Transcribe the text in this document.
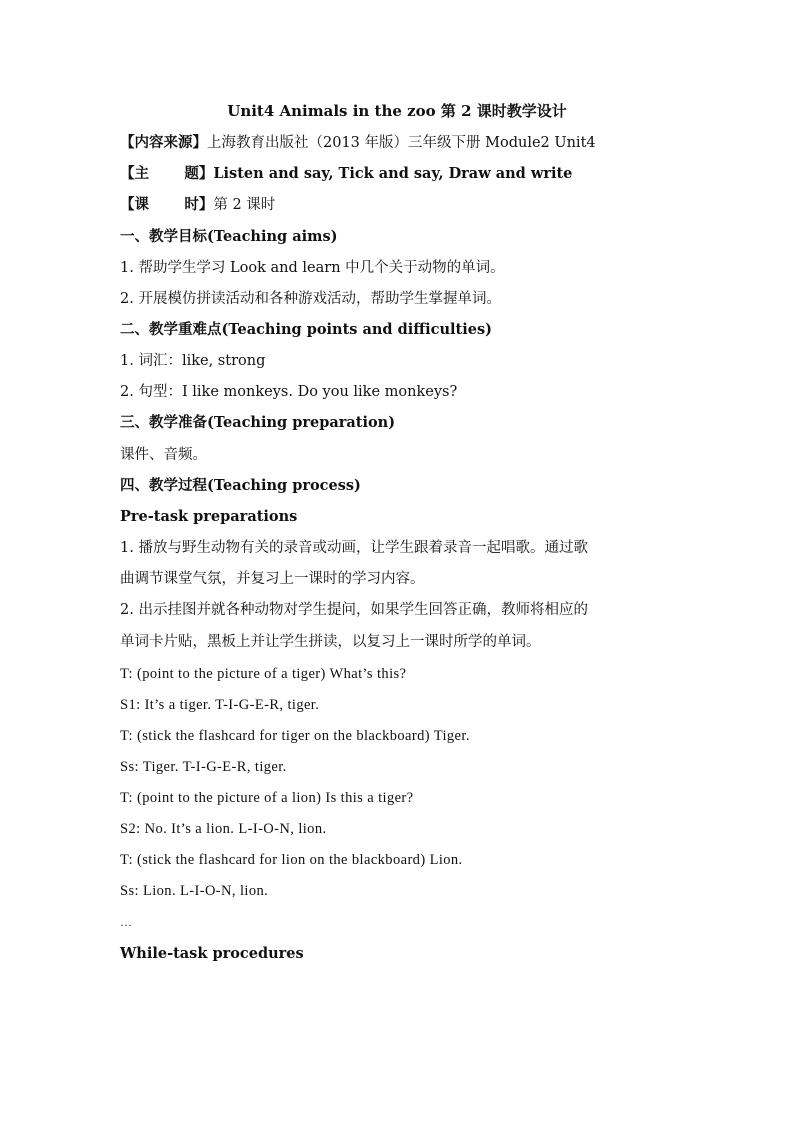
Unit4 Animals in the zoo 第 2 课时教学设计
【内容来源】上海教育出版社（2013 年版）三年级下册 Module2 Unit4
【主       题】Listen and say, Tick and say, Draw and write
【课       时】第 2 课时
一、教学目标(Teaching aims)
1. 帮助学生学习 Look and learn 中几个关于动物的单词。
2. 开展模仿拼读活动和各种游戏活动，帮助学生掌握单词。
二、教学重难点(Teaching points and difficulties)
1. 词汇：like, strong
2. 句型：I like monkeys. Do you like monkeys?
三、教学准备(Teaching preparation)
课件、音频。
四、教学过程(Teaching process)
Pre-task preparations
1. 播放与野生动物有关的录音或动画，让学生跟着录音一起唱歌。通过歌
曲调节课堂气氛，并复习上一课时的学习内容。
2. 出示挂图并就各种动物对学生提问，如果学生回答正确，教师将相应的
单词卡片贴，黑板上并让学生拼读，以复习上一课时所学的单词。
T: (point to the picture of a tiger) What’s this?
S1: It’s a tiger. T-I-G-E-R, tiger.
T: (stick the flashcard for tiger on the blackboard) Tiger.
Ss: Tiger. T-I-G-E-R, tiger.
T: (point to the picture of a lion) Is this a tiger?
S2: No. It’s a lion. L-I-O-N, lion.
T: (stick the flashcard for lion on the blackboard) Lion.
Ss: Lion. L-I-O-N, lion.
…
While-task procedures
